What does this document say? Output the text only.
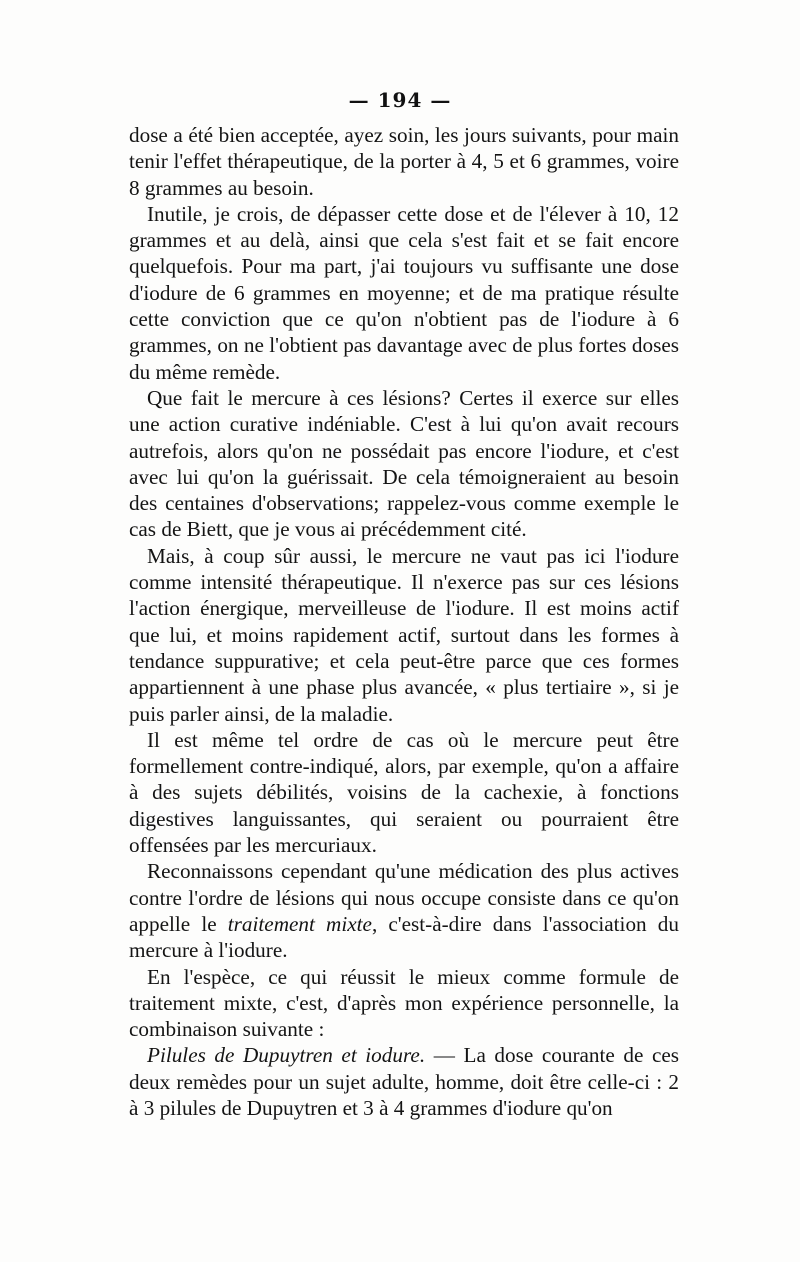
— 194 —

dose a été bien acceptée, ayez soin, les jours suivants, pour main tenir l'effet thérapeutique, de la porter à 4, 5 et 6 grammes, voire 8 grammes au besoin.

Inutile, je crois, de dépasser cette dose et de l'élever à 10, 12 grammes et au delà, ainsi que cela s'est fait et se fait encore quelquefois. Pour ma part, j'ai toujours vu suffisante une dose d'iodure de 6 grammes en moyenne; et de ma pratique résulte cette conviction que ce qu'on n'obtient pas de l'iodure à 6 grammes, on ne l'obtient pas davantage avec de plus fortes doses du même remède.

Que fait le mercure à ces lésions? Certes il exerce sur elles une action curative indéniable. C'est à lui qu'on avait recours autrefois, alors qu'on ne possédait pas encore l'iodure, et c'est avec lui qu'on la guérissait. De cela témoigneraient au besoin des centaines d'observations; rappelez-vous comme exemple le cas de Biett, que je vous ai précédemment cité.

Mais, à coup sûr aussi, le mercure ne vaut pas ici l'iodure comme intensité thérapeutique. Il n'exerce pas sur ces lésions l'action énergique, merveilleuse de l'iodure. Il est moins actif que lui, et moins rapidement actif, surtout dans les formes à tendance suppurative; et cela peut-être parce que ces formes appartiennent à une phase plus avancée, « plus tertiaire », si je puis parler ainsi, de la maladie.

Il est même tel ordre de cas où le mercure peut être formellement contre-indiqué, alors, par exemple, qu'on a affaire à des sujets débilités, voisins de la cachexie, à fonctions digestives languissantes, qui seraient ou pourraient être offensées par les mercuriaux.

Reconnaissons cependant qu'une médication des plus actives contre l'ordre de lésions qui nous occupe consiste dans ce qu'on appelle le traitement mixte, c'est-à-dire dans l'association du mercure à l'iodure.

En l'espèce, ce qui réussit le mieux comme formule de traitement mixte, c'est, d'après mon expérience personnelle, la combinaison suivante :

Pilules de Dupuytren et iodure. — La dose courante de ces deux remèdes pour un sujet adulte, homme, doit être celle-ci : 2 à 3 pilules de Dupuytren et 3 à 4 grammes d'iodure qu'on
